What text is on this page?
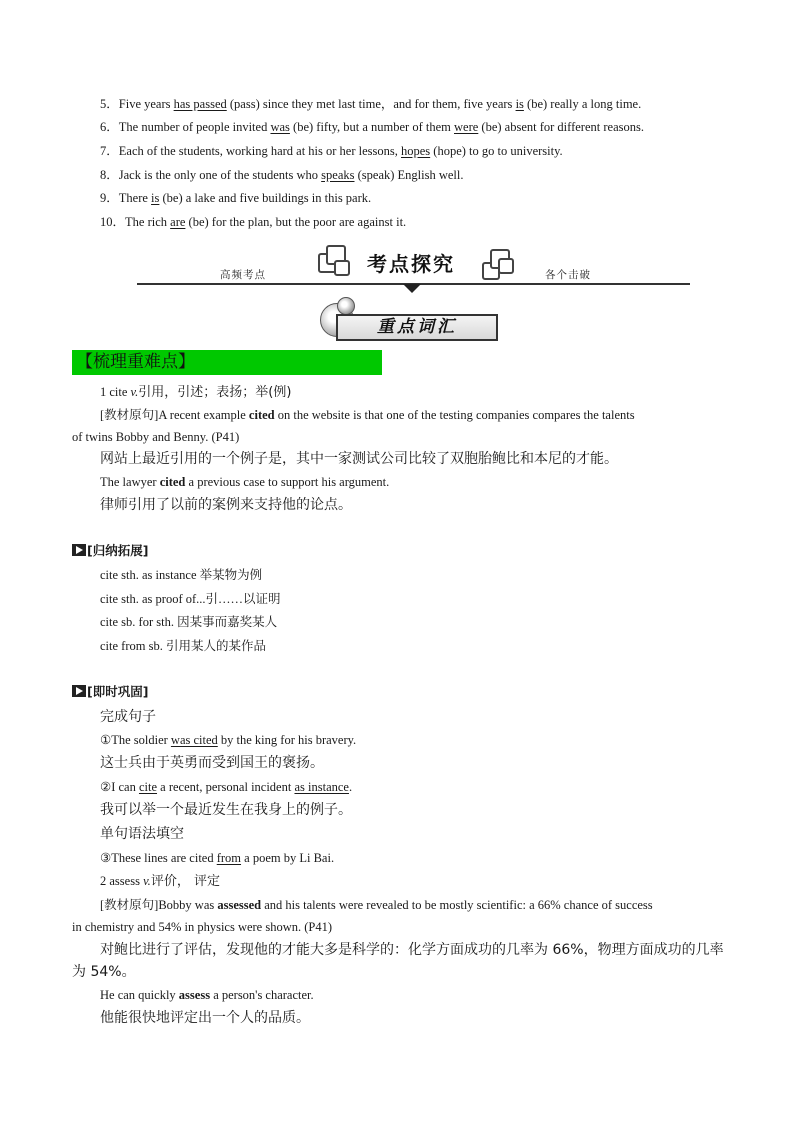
5．Five years has passed (pass) since they met last time，and for them, five years is (be) really a long time.
6．The number of people invited was (be) fifty, but a number of them were (be) absent for different reasons.
7．Each of the students, working hard at his or her lessons, hopes (hope) to go to university.
8．Jack is the only one of the students who speaks (speak) English well.
9．There is (be) a lake and five buildings in this park.
10．The rich are (be) for the plan, but the poor are against it.
考点探究
高频考点	各个击破
重点词汇
【梳理重难点】
1 cite v.引用，引述；表扬；举(例)
[教材原句]A recent example cited on the website is that one of the testing companies compares the talents
of twins Bobby and Benny. (P41)
网站上最近引用的一个例子是，其中一家测试公司比较了双胞胎鲍比和本尼的才能。
The lawyer cited a previous case to support his argument.
律师引用了以前的案例来支持他的论点。
[归纳拓展]
cite sth. as instance 举某物为例
cite sth. as proof of...引……以证明
cite sb. for sth. 因某事而嘉奖某人
cite from sb. 引用某人的某作品
[即时巩固]
完成句子
①The soldier was cited by the king for his bravery.
这士兵由于英勇而受到国王的褒扬。
②I can cite a recent, personal incident as instance.
我可以举一个最近发生在我身上的例子。
单句语法填空
③These lines are cited from a poem by Li Bai.
2 assess v.评价， 评定
[教材原句]Bobby was assessed and his talents were revealed to be mostly scientific: a 66% chance of success
in chemistry and 54% in physics were shown. (P41)
对鲍比进行了评估，发现他的才能大多是科学的：化学方面成功的几率为 66%，物理方面成功的几率
为 54%。
He can quickly assess a person's character.
他能很快地评定出一个人的品质。
